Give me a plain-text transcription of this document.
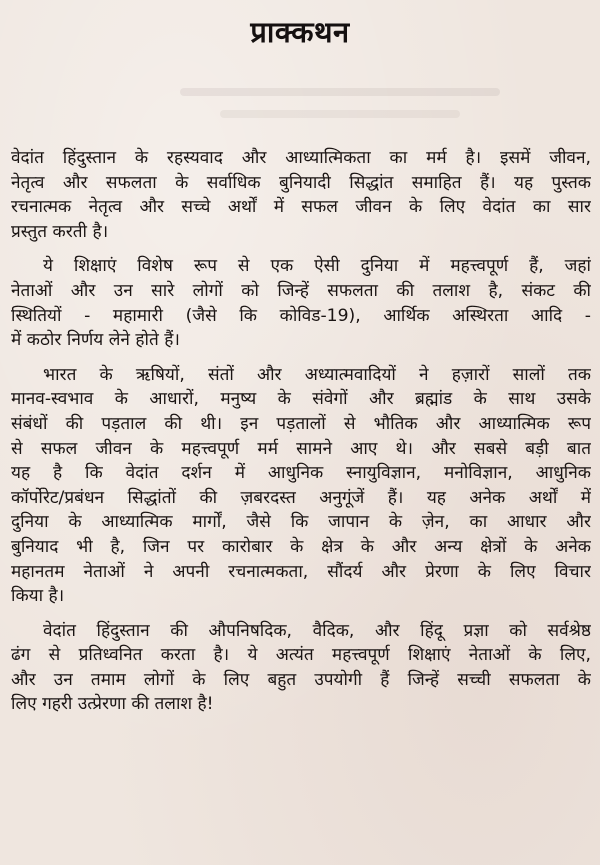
प्राक्कथन
वेदांत हिंदुस्तान के रहस्यवाद और आध्यात्मिकता का मर्म है। इसमें जीवन,
नेतृत्व और सफलता के सर्वाधिक बुनियादी सिद्धांत समाहित हैं। यह पुस्तक
रचनात्मक नेतृत्व और सच्चे अर्थों में सफल जीवन के लिए वेदांत का सार
प्रस्तुत करती है।
ये शिक्षाएं विशेष रूप से एक ऐसी दुनिया में महत्त्वपूर्ण हैं, जहां
नेताओं और उन सारे लोगों को जिन्हें सफलता की तलाश है, संकट की
स्थितियों - महामारी (जैसे कि कोविड-19), आर्थिक अस्थिरता आदि -
में कठोर निर्णय लेने होते हैं।
भारत के ऋषियों, संतों और अध्यात्मवादियों ने हज़ारों सालों तक
मानव-स्वभाव के आधारों, मनुष्य के संवेगों और ब्रह्मांड के साथ उसके
संबंधों की पड़ताल की थी। इन पड़तालों से भौतिक और आध्यात्मिक रूप
से सफल जीवन के महत्त्वपूर्ण मर्म सामने आए थे। और सबसे बड़ी बात
यह है कि वेदांत दर्शन में आधुनिक स्नायुविज्ञान, मनोविज्ञान, आधुनिक
कॉर्पोरेट/प्रबंधन सिद्धांतों की ज़बरदस्त अनुगूंजें हैं। यह अनेक अर्थों में
दुनिया के आध्यात्मिक मार्गों, जैसे कि जापान के ज़ेन, का आधार और
बुनियाद भी है, जिन पर कारोबार के क्षेत्र के और अन्य क्षेत्रों के अनेक
महानतम नेताओं ने अपनी रचनात्मकता, सौंदर्य और प्रेरणा के लिए विचार
किया है।
वेदांत हिंदुस्तान की औपनिषदिक, वैदिक, और हिंदू प्रज्ञा को सर्वश्रेष्ठ
ढंग से प्रतिध्वनित करता है। ये अत्यंत महत्त्वपूर्ण शिक्षाएं नेताओं के लिए,
और उन तमाम लोगों के लिए बहुत उपयोगी हैं जिन्हें सच्ची सफलता के
लिए गहरी उत्प्रेरणा की तलाश है!
